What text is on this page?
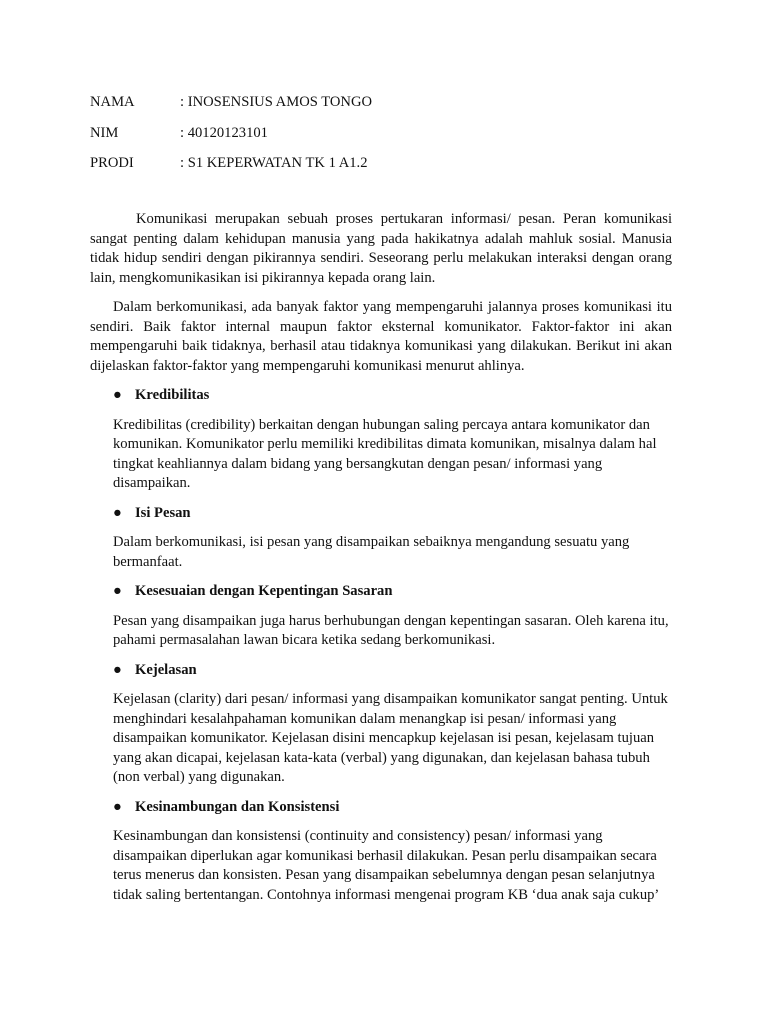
NAMA	: INOSENSIUS AMOS TONGO
NIM	: 40120123101
PRODI	: S1 KEPERWATAN TK 1 A1.2

Komunikasi merupakan sebuah proses pertukaran informasi/ pesan. Peran komunikasi sangat penting dalam kehidupan manusia yang pada hakikatnya adalah mahluk sosial. Manusia tidak hidup sendiri dengan pikirannya sendiri. Seseorang perlu melakukan interaksi dengan orang lain, mengkomunikasikan isi pikirannya kepada orang lain.

Dalam berkomunikasi, ada banyak faktor yang mempengaruhi jalannya proses komunikasi itu sendiri. Baik faktor internal maupun faktor eksternal komunikator. Faktor-faktor ini akan mempengaruhi baik tidaknya, berhasil atau tidaknya komunikasi yang dilakukan. Berikut ini akan dijelaskan faktor-faktor yang mempengaruhi komunikasi menurut ahlinya.

● Kredibilitas

Kredibilitas (credibility) berkaitan dengan hubungan saling percaya antara komunikator dan komunikan. Komunikator perlu memiliki kredibilitas dimata komunikan, misalnya dalam hal tingkat keahliannya dalam bidang yang bersangkutan dengan pesan/ informasi yang disampaikan.

● Isi Pesan

Dalam berkomunikasi, isi pesan yang disampaikan sebaiknya mengandung sesuatu yang bermanfaat.

● Kesesuaian dengan Kepentingan Sasaran

Pesan yang disampaikan juga harus berhubungan dengan kepentingan sasaran. Oleh karena itu, pahami permasalahan lawan bicara ketika sedang berkomunikasi.

● Kejelasan

Kejelasan (clarity) dari pesan/ informasi yang disampaikan komunikator sangat penting. Untuk menghindari kesalahpahaman komunikan dalam menangkap isi pesan/ informasi yang disampaikan komunikator. Kejelasan disini mencapkup kejelasan isi pesan, kejelasam tujuan yang akan dicapai, kejelasan kata-kata (verbal) yang digunakan, dan kejelasan bahasa tubuh (non verbal) yang digunakan.

● Kesinambungan dan Konsistensi

Kesinambungan dan konsistensi (continuity and consistency) pesan/ informasi yang disampaikan diperlukan agar komunikasi berhasil dilakukan. Pesan perlu disampaikan secara terus menerus dan konsisten. Pesan yang disampaikan sebelumnya dengan pesan selanjutnya tidak saling bertentangan. Contohnya informasi mengenai program KB ‘dua anak saja cukup’
